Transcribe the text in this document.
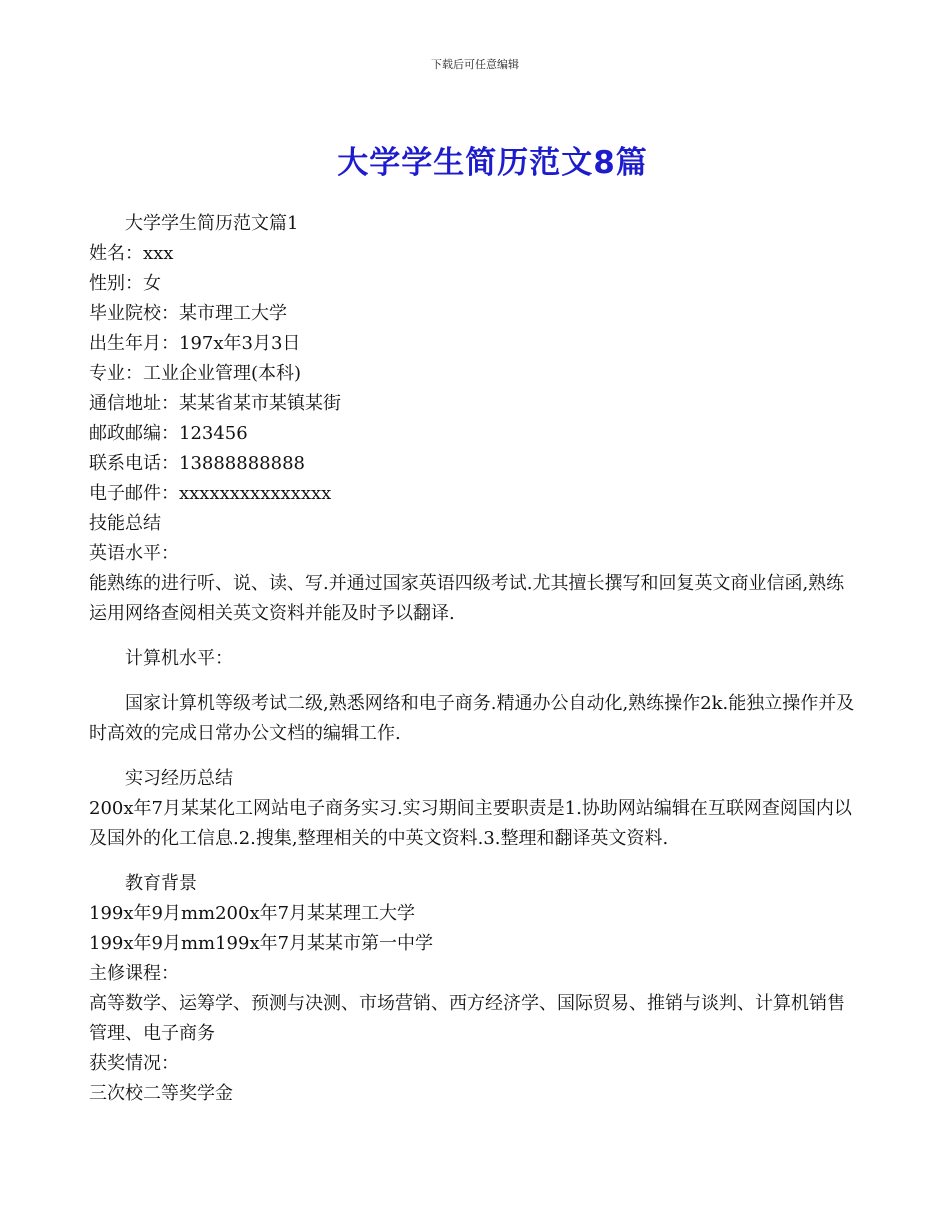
下载后可任意编辑
大学学生简历范文8篇
大学学生简历范文篇1
姓名：xxx
性别：女
毕业院校：某市理工大学
出生年月：197x年3月3日
专业：工业企业管理(本科)
通信地址：某某省某市某镇某街
邮政邮编：123456
联系电话：13888888888
电子邮件：xxxxxxxxxxxxxxx
技能总结
英语水平：
能熟练的进行听、说、读、写.并通过国家英语四级考试.尤其擅长撰写和回复英文商业信函,熟练运用网络查阅相关英文资料并能及时予以翻译.
计算机水平：
国家计算机等级考试二级,熟悉网络和电子商务.精通办公自动化,熟练操作2k.能独立操作并及时高效的完成日常办公文档的编辑工作.
实习经历总结
200x年7月某某化工网站电子商务实习.实习期间主要职责是1.协助网站编辑在互联网查阅国内以及国外的化工信息.2.搜集,整理相关的中英文资料.3.整理和翻译英文资料.
教育背景
199x年9月mm200x年7月某某理工大学
199x年9月mm199x年7月某某市第一中学
主修课程：
高等数学、运筹学、预测与决测、市场营销、西方经济学、国际贸易、推销与谈判、计算机销售管理、电子商务
获奖情况：
三次校二等奖学金
